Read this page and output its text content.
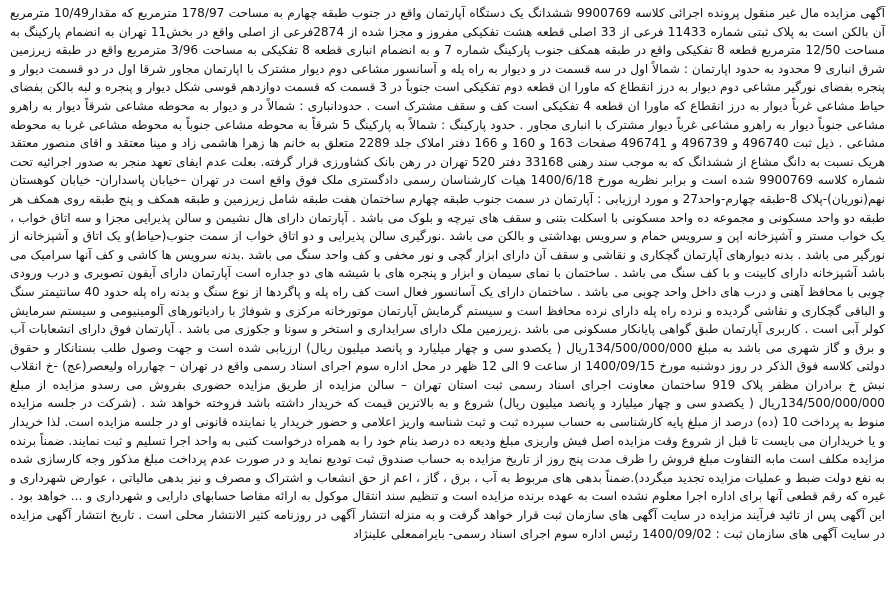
آگهی مزایده مال غیر منقول پرونده اجرائی کلاسه 9900769 ششدانگ یک دستگاه آپارتمان واقع در جنوب طبقه چهارم به مساحت 178/97 مترمربع که مقدار10/49 مترمربع آن بالکن است به پلاک ثبتی شماره 11433 فرعی از 33 اصلی قطعه هشت تفکیکی مفروز و مجزا شده از 2874فرعی از اصلی واقع در بخش11 تهران به انضمام پارکینگ به مساحت 12/50 مترمربع قطعه 8 تفکیکی واقع در طبقه همکف جنوب پارکینگ شماره 7 و به انضمام انباری قطعه 8 تفکیکی به مساحت 3/96 مترمربع واقع در طبقه زیرزمین شرق انباری 9 محدود به حدود اپارتمان : شمالاً اول در سه قسمت در و دیوار به راه پله و آسانسور مشاعی دوم دیوار مشترک با اپارتمان مجاور شرقا اول در دو قسمت دیوار و پنجره بفضای نورگیر مشاعی دوم دیوار به درز انقطاع که ماورا ان قطعه دوم تفکیکی است جنوباً در 3 قسمت که قسمت دوازدهم قوسی شکل دیوار و پنجره و لبه بالکن بفضای حیاط مشاعی غرباً دیوار به درز انقطاع که ماورا ان قطعه 4 تفکیکی است کف و سقف مشترک است . حدودانباری : شمالاً در و دیوار به محوطه مشاعی شرقاً دیوار به راهرو مشاعی جنوباً دیوار به راهرو مشاعی غرباً دیوار مشترک با انباری مجاور . حدود پارکینگ : شمالاً به پارکینگ 5 شرقاً به محوطه مشاعی جنوباً به محوطه مشاعی غربا به محوطه مشاعی . ذیل ثبت 496740 و 496739 و 496741 صفحات 163 و 160 و 166 دفتر املاک جلد 2289 متعلق به خانم ها زهرا هاشمی زاد و مینا معتقد و اقای منصور معتقد هریک نسبت به دانگ مشاع از ششدانگ که به موجب سند رهنی 33168 دفتر 520 تهران در رهن بانک کشاورزی قرار گرفته. بعلت عدم ایفای تعهد منجر به صدور اجرائیه تحت شماره کلاسه 9900769 شده است و برابر نظریه مورخ 1400/6/18 هیات کارشناسان رسمی دادگستری ملک فوق واقع است در تهران –خیابان پاسداران- خیابان کوهستان نهم(نوریان)-پلاک 8-طبقه چهارم-واحد27 و مورد ارزیابی : آپارتمان در سمت جنوب طبقه چهارم ساختمان هفت طبقه شامل زیرزمین و طبقه همکف و پنج طبقه روی همکف هر طبقه دو واحد مسکونی و مجموعه ده واحد مسکونی با اسکلت بتنی و سقف های تیرچه و بلوک می باشد . آپارتمان دارای هال نشیمن و سالن پذیرایی مجزا و سه اتاق خواب ، یک خواب مستر و آشپزخانه اپن و سرویس حمام و سرویس بهداشتی و بالکن می باشد .نورگیری سالن پذیرایی و دو اتاق خواب از سمت جنوب(حیاط)و یک اتاق و آشپزخانه از نورگیر می باشد . بدنه دیوارهای آپارتمان گچکاری و نقاشی و سقف آن دارای ابزار گچی و نور مخفی و کف واحد سنگ می باشد .بدنه سرویس ها کاشی و کف آنها سرامیک می باشد آشپزخانه دارای کابینت و با کف سنگ می باشد . ساختمان با نمای سیمان و ابزار و پنجره های با شیشه های دو جداره است آپارتمان دارای آیفون تصویری و درب ورودی چوبی با محافظ آهنی و درب های داخل واحد چوبی می باشد . ساختمان دارای یک آسانسور فعال است کف راه پله و پاگردها از نوع سنگ و بدنه راه پله حدود 40 سانتیمتر سنگ و الباقی گچکاری و نقاشی گردیده و نرده راه پله دارای نرده محافظ است و سیستم گرمایش آپارتمان موتورخانه مرکزی و شوفاژ با رادیاتورهای آلومینیومی و سیستم سرمایش کولر آبی است . کاربری آپارتمان طبق گواهی پایانکار مسکونی می باشد .زیرزمین ملک دارای سرایداری و استخر و سونا و جکوزی می باشد . آپارتمان فوق دارای انشعابات آب و برق و گاز شهری می باشد به مبلغ 134/500/000/000ریال ( یکصدو سی و چهار میلیارد و پانصد میلیون ریال) ارزیابی شده است و جهت وصول طلب بستانکار و حقوق دولتی کلاسه فوق الذکر در روز دوشنبه مورخ 1400/09/15 از ساعت 9 الی 12 ظهر در محل اداره سوم اجرای اسناد رسمی واقع در تهران – چهارراه ولیعصر(عج) -خ انقلاب نبش خ برادران مظفر پلاک 919 ساختمان معاونت اجرای اسناد رسمی ثبت استان تهران – سالن مزایده از طریق مزایده حضوری بفروش می رسدو مزایده از مبلغ 134/500/000/000ریال ( یکصدو سی و چهار میلیارد و پانصد میلیون ریال) شروع و به بالاترین قیمت که خریدار داشته باشد فروخته خواهد شد . (شرکت در جلسه مزایده منوط به پرداخت 10 (ده) درصد از مبلغ پایه کارشناسی به حساب سپرده ثبت و ثبت شناسه واریز اعلامی و حضور خریدار یا نماینده قانونی او در جلسه مزایده است. لذا خریدار و یا خریداران می بایست تا قبل از شروع وقت مزایده اصل فیش واریزی مبلغ ودیعه ده درصد بنام خود را به همراه درخواست کتبی به واحد اجرا تسلیم و ثبت نمایند. ضمناً برنده مزایده مکلف است مابه التفاوت مبلغ فروش را ظرف مدت پنج روز از تاریخ مزایده به حساب صندوق ثبت تودیع نماید و در صورت عدم پرداخت مبلغ مذکور وجه کارسازی شده به نفع دولت ضبط و عملیات مزایده تجدید میگردد).ضمناً بدهی های مربوط به آب ، برق ، گاز ، اعم از حق انشعاب و اشتراک و مصرف و نیز بدهی مالیاتی ، عوارض شهرداری و غیره که رقم قطعی آنها برای اداره اجرا معلوم نشده است به عهده برنده مزایده است و تنظیم سند انتقال موکول به ارائه مفاصا حسابهای دارایی و شهرداری و ... خواهد بود . این آگهی پس از تائید فرآیند مزایده در سایت آگهی های سازمان ثبت قرار خواهد گرفت و به منزله انتشار آگهی در روزنامه کثیر الانتشار محلی است . تاریخ انتشار آگهی مزایده در سایت آگهی های سازمان ثبت : 1400/09/02 رئیس اداره سوم اجرای اسناد رسمی- بایراممعلی علینژاد
